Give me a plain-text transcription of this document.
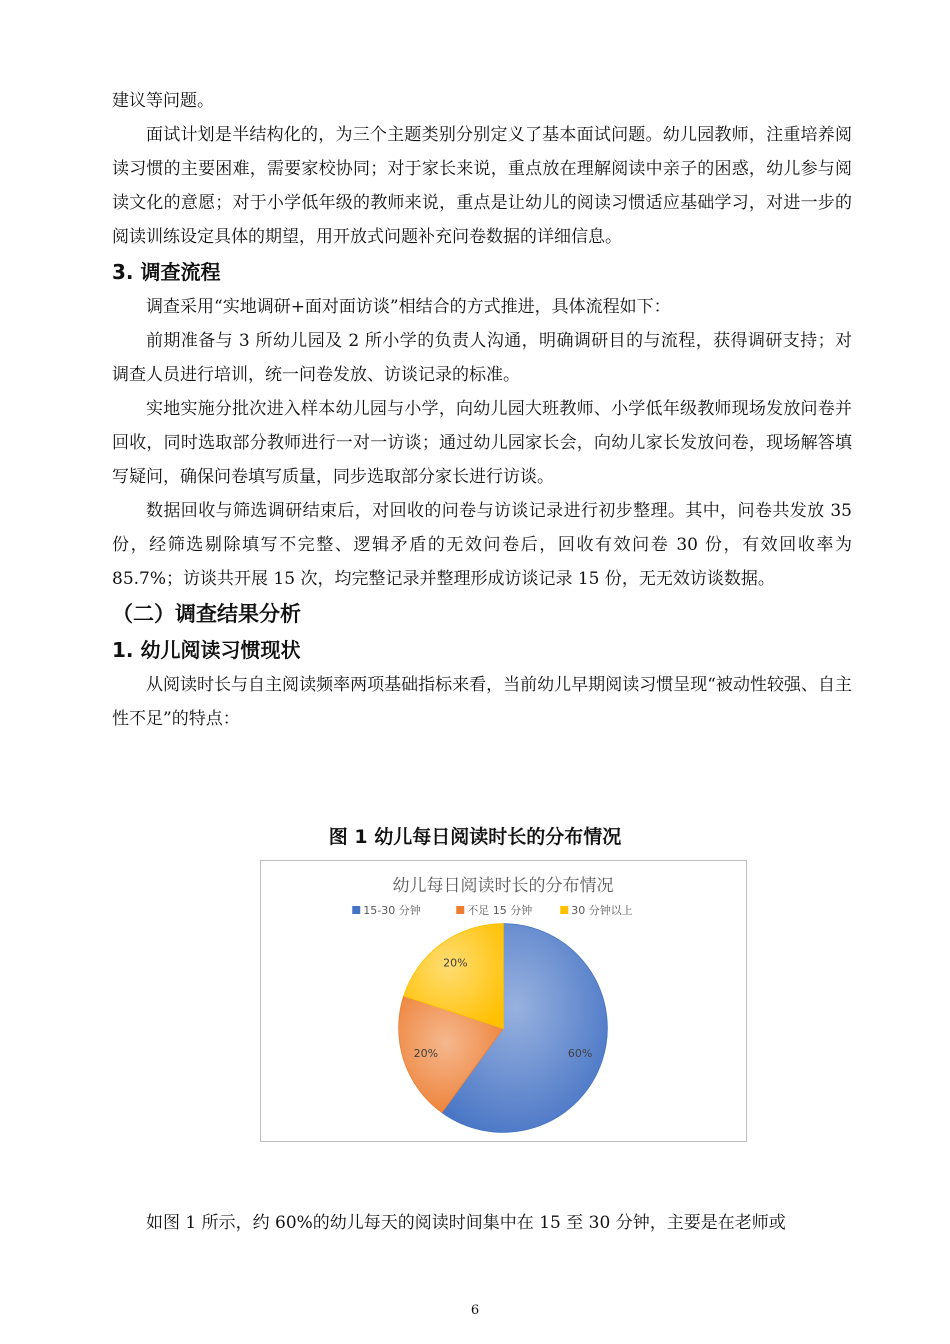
建议等问题。

面试计划是半结构化的，为三个主题类别分别定义了基本面试问题。幼儿园教师，注重培养阅读习惯的主要困难，需要家校协同；对于家长来说，重点放在理解阅读中亲子的困惑，幼儿参与阅读文化的意愿；对于小学低年级的教师来说，重点是让幼儿的阅读习惯适应基础学习，对进一步的阅读训练设定具体的期望，用开放式问题补充问卷数据的详细信息。

3. 调查流程

调查采用“实地调研+面对面访谈”相结合的方式推进，具体流程如下：

前期准备与 3 所幼儿园及 2 所小学的负责人沟通，明确调研目的与流程，获得调研支持；对调查人员进行培训，统一问卷发放、访谈记录的标准。

实地实施分批次进入样本幼儿园与小学，向幼儿园大班教师、小学低年级教师现场发放问卷并回收，同时选取部分教师进行一对一访谈；通过幼儿园家长会，向幼儿家长发放问卷，现场解答填写疑问，确保问卷填写质量，同步选取部分家长进行访谈。

数据回收与筛选调研结束后，对回收的问卷与访谈记录进行初步整理。其中，问卷共发放 35 份，经筛选剔除填写不完整、逻辑矛盾的无效问卷后，回收有效问卷 30 份，有效回收率为 85.7%；访谈共开展 15 次，均完整记录并整理形成访谈记录 15 份，无无效访谈数据。

（二）调查结果分析

1. 幼儿阅读习惯现状

从阅读时长与自主阅读频率两项基础指标来看，当前幼儿早期阅读习惯呈现“被动性较强、自主性不足”的特点：

图 1 幼儿每日阅读时长的分布情况
幼儿每日阅读时长的分布情况
15-30 分钟	不足 15 分钟	30 分钟以上
60%
20%
20%

如图 1 所示，约 60%的幼儿每天的阅读时间集中在 15 至 30 分钟，主要是在老师或

6
